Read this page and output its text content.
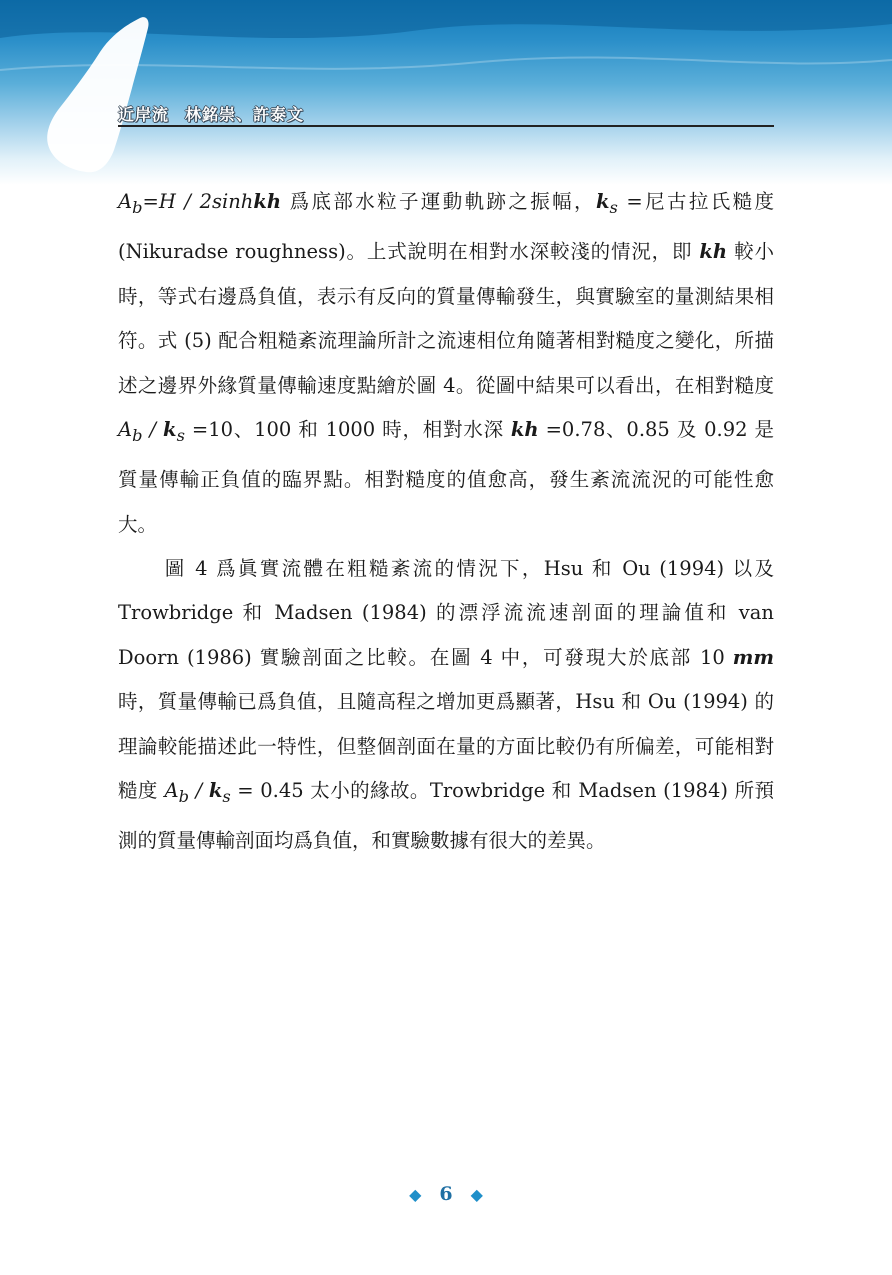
近岸流 林銘崇、許泰文

$A_b=H$ / 2sinhkh 爲底部水粒子運動軌跡之振幅，$k_s$ =尼古拉氏糙度 (Nikuradse roughness)。上式說明在相對水深較淺的情況，即 kh 較小時，等式右邊爲負值，表示有反向的質量傳輸發生，與實驗室的量測結果相符。式 (5) 配合粗糙紊流理論所計之流速相位角隨著相對糙度之變化，所描述之邊界外緣質量傳輸速度點繪於圖 4。從圖中結果可以看出，在相對糙度 $A_b / k_s =10$、100 和 1000 時，相對水深 kh =0.78、0.85 及 0.92 是質量傳輸正負值的臨界點。相對糙度的值愈高，發生紊流流況的可能性愈大。

圖 4 爲眞實流體在粗糙紊流的情況下，Hsu 和 Ou (1994) 以及 Trowbridge 和 Madsen (1984) 的漂浮流流速剖面的理論值和 van Doorn (1986) 實驗剖面之比較。在圖 4 中，可發現大於底部 10 mm 時，質量傳輸已爲負值，且隨高程之增加更爲顯著，Hsu 和 Ou (1994) 的理論較能描述此一特性，但整個剖面在量的方面比較仍有所偏差，可能相對糙度 $A_b / k_s = 0.45$ 太小的緣故。Trowbridge 和 Madsen (1984) 所預測的質量傳輸剖面均爲負值，和實驗數據有很大的差異。

◆ 6 ◆
